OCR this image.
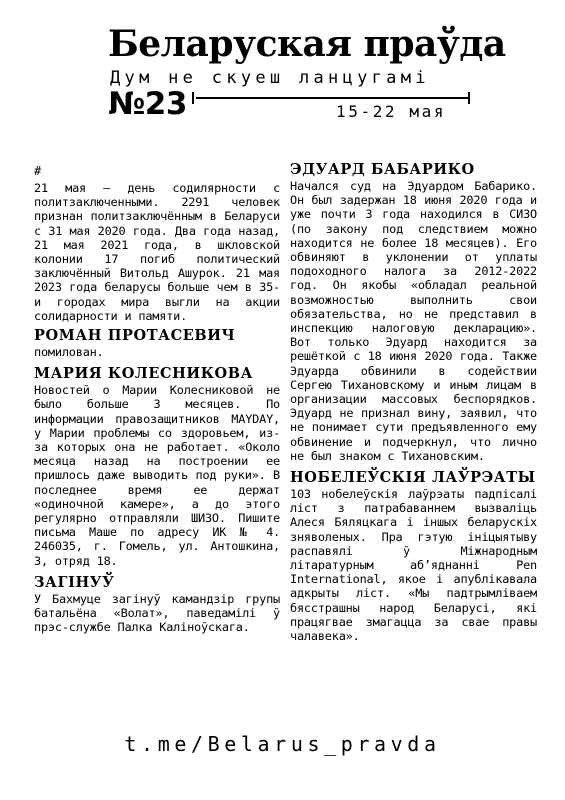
Беларуская праўда
Дум не скуеш ланцугамі
№23	15-22 мая

#

21 мая — день содилярности с политзаключенными. 2291 человек признан политзаключённым в Беларуси с 31 мая 2020 года. Два года назад, 21 мая 2021 года, в шкловской колонии 17 погиб политический заключённый Витольд Ашурок. 21 мая 2023 года беларусы больше чем в 35-и городах мира выгли на акции солидарности и памяти.

РОМАН ПРОТАСЕВИЧ

помилован.

МАРИЯ КОЛЕСНИКОВА

Новостей о Марии Колесниковой не было больше 3 месяцев. По информации правозащитников MAYDAY, у Марии проблемы со здоровьем, из-за которых она не работает. «Около месяца назад на построении ее пришлось даже выводить под руки». В последнее время ее держат «одиночной камере», а до этого регулярно отправляли ШИЗО. Пишите письма Маше по адресу ИК № 4. 246035, г. Гомель, ул. Антошкина, 3, отряд 18.

ЗАГІНУЎ

У Бахмуце загінуў камандзір групы батальёна «Волат», паведамілі ў прэс-службе Палка Каліноўскага.

ЭДУАРД БАБАРИКО

Начался суд на Эдуардом Бабарико. Он был задержан 18 июня 2020 года и уже почти 3 года находился в СИЗО (по закону под следствием можно находится не более 18 месяцев). Его обвиняют в уклонении от уплаты подоходного налога за 2012-2022 год. Он якобы «обладал реальной возможностью выполнить свои обязательства, но не представил в инспекцию налоговую декларацию». Вот только Эдуард находится за решёткой с 18 июня 2020 года. Также Эдуарда обвинили в содействии Сергею Тихановскому и иным лицам в организации массовых беспорядков. Эдуард не признал вину, заявил, что не понимает сути предъявленного ему обвинение и подчеркнул, что лично не был знаком с Тихановским.

НОБЕЛЕЎСКІЯ ЛАЎРЭАТЫ

103 нобелеўскія лаўрэаты падпісалі ліст з патрабаваннем вызваліць Алеся Бяляцкага і іншых беларускіх зняволеных. Пра гэтую ініцыятыву распавялі ў Міжнародным літаратурным аб’яднанні Pen International, якое і апублікавала адкрыты ліст. «Мы падтрымліваем бясстрашны народ Беларусі, які працягвае змагацца за свае правы чалавека».

t.me/Belarus_pravda
